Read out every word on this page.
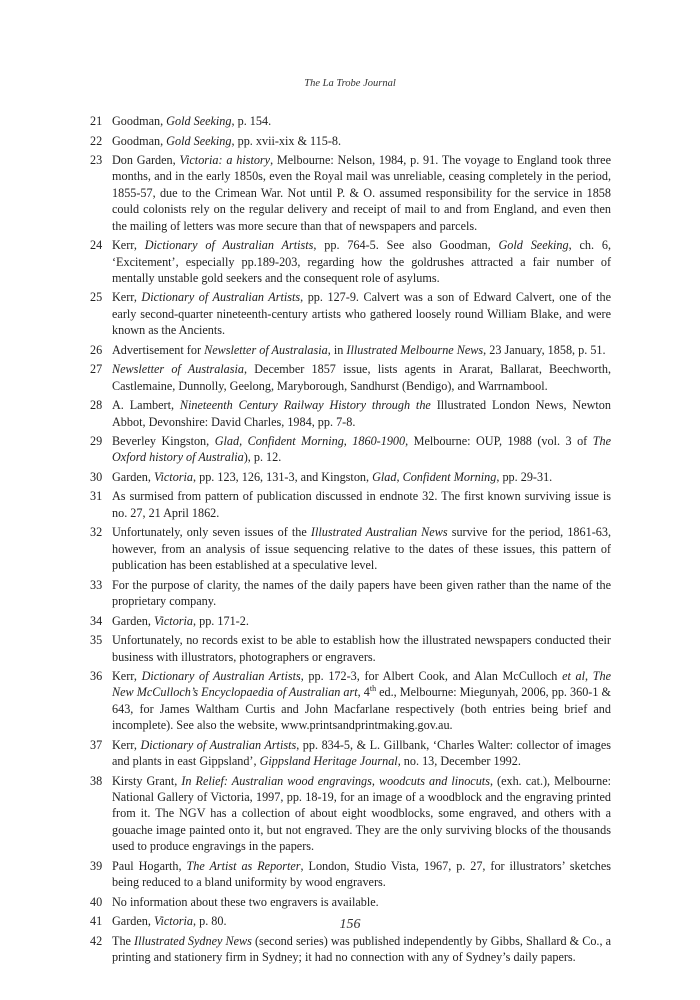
The La Trobe Journal
21 Goodman, Gold Seeking, p. 154.
22 Goodman, Gold Seeking, pp. xvii-xix & 115-8.
23 Don Garden, Victoria: a history, Melbourne: Nelson, 1984, p. 91. The voyage to England took three months, and in the early 1850s, even the Royal mail was unreliable, ceasing completely in the period, 1855-57, due to the Crimean War. Not until P. & O. assumed responsibility for the service in 1858 could colonists rely on the regular delivery and receipt of mail to and from England, and even then the mailing of letters was more secure than that of newspapers and parcels.
24 Kerr, Dictionary of Australian Artists, pp. 764-5. See also Goodman, Gold Seeking, ch. 6, ‘Excitement’, especially pp.189-203, regarding how the goldrushes attracted a fair number of mentally unstable gold seekers and the consequent role of asylums.
25 Kerr, Dictionary of Australian Artists, pp. 127-9. Calvert was a son of Edward Calvert, one of the early second-quarter nineteenth-century artists who gathered loosely round William Blake, and were known as the Ancients.
26 Advertisement for Newsletter of Australasia, in Illustrated Melbourne News, 23 January, 1858, p. 51.
27 Newsletter of Australasia, December 1857 issue, lists agents in Ararat, Ballarat, Beechworth, Castlemaine, Dunnolly, Geelong, Maryborough, Sandhurst (Bendigo), and Warrnambool.
28 A. Lambert, Nineteenth Century Railway History through the Illustrated London News, Newton Abbot, Devonshire: David Charles, 1984, pp. 7-8.
29 Beverley Kingston, Glad, Confident Morning, 1860-1900, Melbourne: OUP, 1988 (vol. 3 of The Oxford history of Australia), p. 12.
30 Garden, Victoria, pp. 123, 126, 131-3, and Kingston, Glad, Confident Morning, pp. 29-31.
31 As surmised from pattern of publication discussed in endnote 32. The first known surviving issue is no. 27, 21 April 1862.
32 Unfortunately, only seven issues of the Illustrated Australian News survive for the period, 1861-63, however, from an analysis of issue sequencing relative to the dates of these issues, this pattern of publication has been established at a speculative level.
33 For the purpose of clarity, the names of the daily papers have been given rather than the name of the proprietary company.
34 Garden, Victoria, pp. 171-2.
35 Unfortunately, no records exist to be able to establish how the illustrated newspapers conducted their business with illustrators, photographers or engravers.
36 Kerr, Dictionary of Australian Artists, pp. 172-3, for Albert Cook, and Alan McCulloch et al, The New McCulloch’s Encyclopaedia of Australian art, 4th ed., Melbourne: Miegunyah, 2006, pp. 360-1 & 643, for James Waltham Curtis and John Macfarlane respectively (both entries being brief and incomplete). See also the website, www.printsandprintmaking.gov.au.
37 Kerr, Dictionary of Australian Artists, pp. 834-5, & L. Gillbank, ‘Charles Walter: collector of images and plants in east Gippsland’, Gippsland Heritage Journal, no. 13, December 1992.
38 Kirsty Grant, In Relief: Australian wood engravings, woodcuts and linocuts, (exh. cat.), Melbourne: National Gallery of Victoria, 1997, pp. 18-19, for an image of a woodblock and the engraving printed from it. The NGV has a collection of about eight woodblocks, some engraved, and others with a gouache image painted onto it, but not engraved. They are the only surviving blocks of the thousands used to produce engravings in the papers.
39 Paul Hogarth, The Artist as Reporter, London, Studio Vista, 1967, p. 27, for illustrators’ sketches being reduced to a bland uniformity by wood engravers.
40 No information about these two engravers is available.
41 Garden, Victoria, p. 80.
42 The Illustrated Sydney News (second series) was published independently by Gibbs, Shallard & Co., a printing and stationery firm in Sydney; it had no connection with any of Sydney’s daily papers.
156
